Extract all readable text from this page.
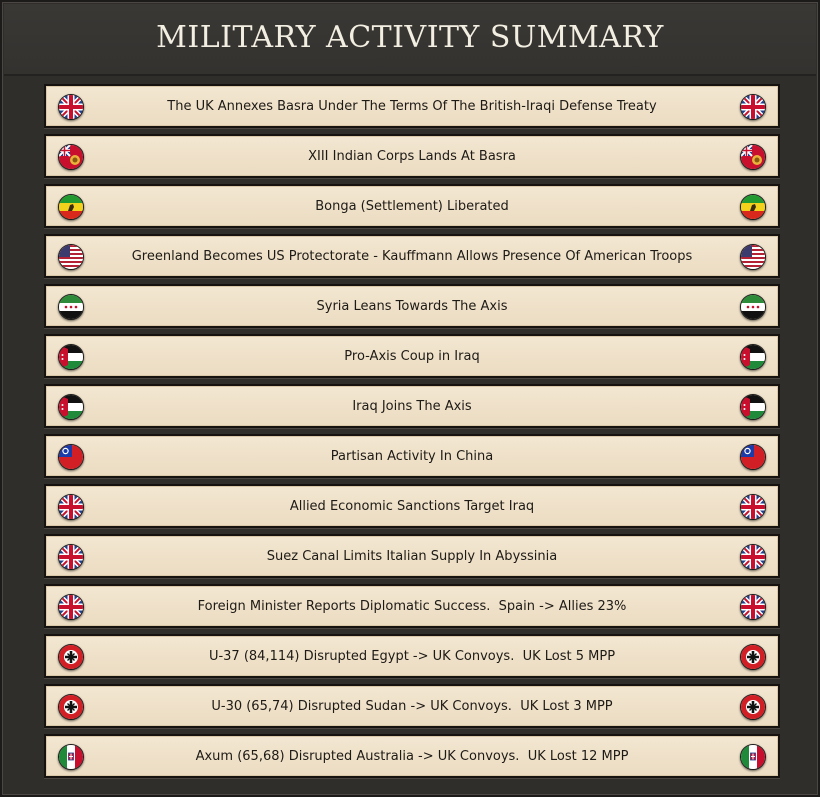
MILITARY ACTIVITY SUMMARY
The UK Annexes Basra Under The Terms Of The British-Iraqi Defense Treaty
XIII Indian Corps Lands At Basra
Bonga (Settlement) Liberated
Greenland Becomes US Protectorate - Kauffmann Allows Presence Of American Troops
Syria Leans Towards The Axis
Pro-Axis Coup in Iraq
Iraq Joins The Axis
Partisan Activity In China
Allied Economic Sanctions Target Iraq
Suez Canal Limits Italian Supply In Abyssinia
Foreign Minister Reports Diplomatic Success.  Spain -> Allies 23%
U-37 (84,114) Disrupted Egypt -> UK Convoys.  UK Lost 5 MPP
U-30 (65,74) Disrupted Sudan -> UK Convoys.  UK Lost 3 MPP
Axum (65,68) Disrupted Australia -> UK Convoys.  UK Lost 12 MPP
